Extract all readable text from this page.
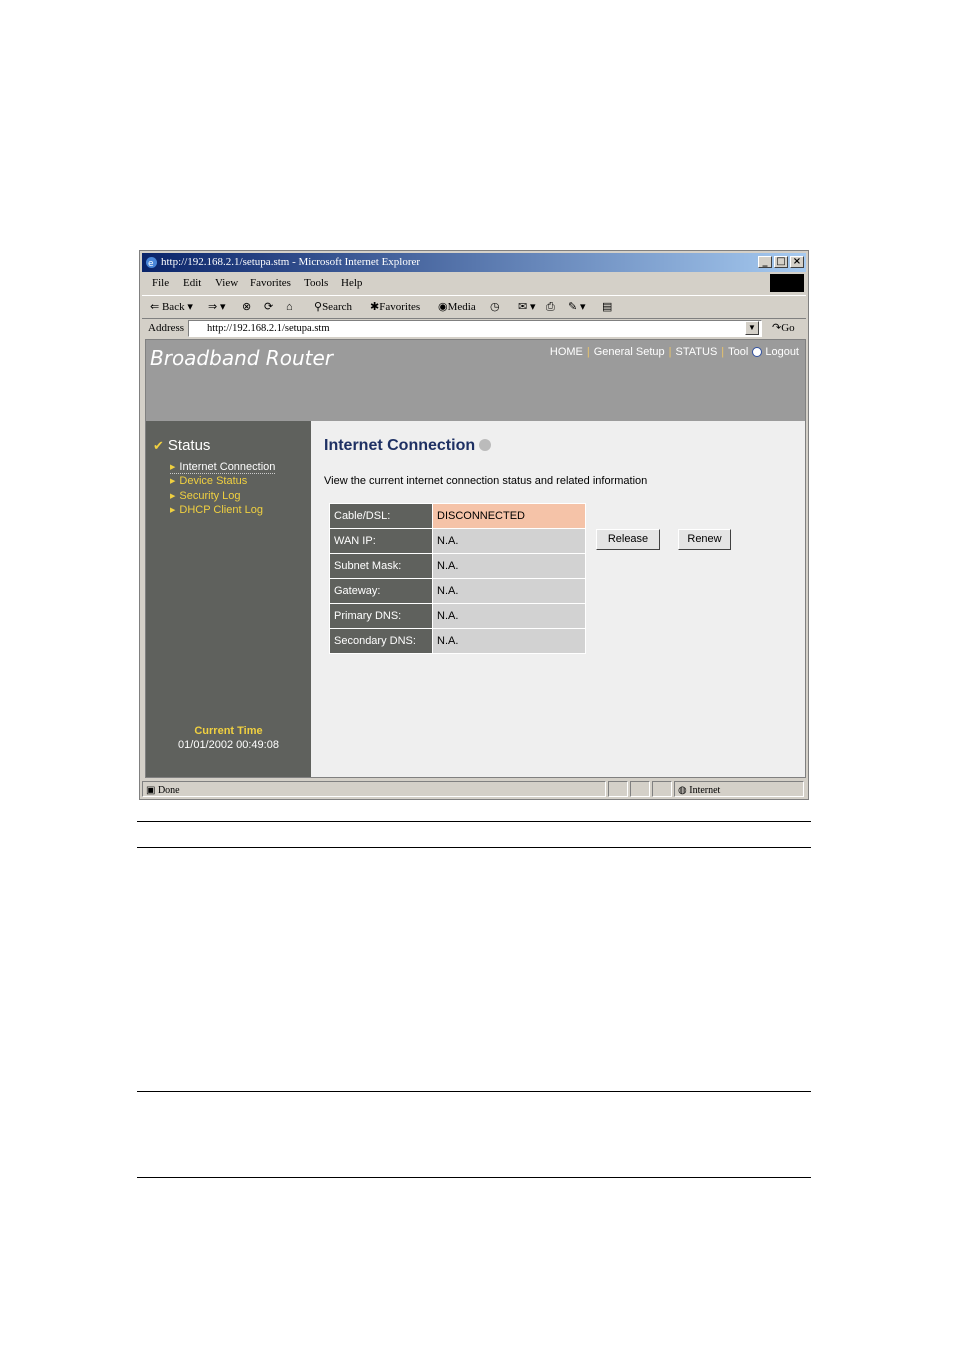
e http://192.168.2.1/setupa.stm - Microsoft Internet Explorer	_ □ ×
File Edit View Favorites Tools Help
⇐ Back ▾ ⇒ ▾ ⊗ ⟳ ⌂ ⚲Search ✱Favorites ◉Media ◷ ✉ ▾ ⎙ ✎ ▾ ▤
Address	http://192.168.2.1/setupa.stm	▼ ↷Go
Broadband Router	HOME | General Setup | STATUS | Tool Logout
✔ Status
▶ Internet Connection
▶ Device Status
▶ Security Log
▶ DHCP Client Log
Current Time
01/01/2002 00:49:08
Internet Connection
View the current internet connection status and related information
Cable/DSL:	DISCONNECTED
WAN IP:	N.A.
Subnet Mask:	N.A.
Gateway:	N.A.
Primary DNS:	N.A.
Secondary DNS:	N.A.
Release	Renew
▣ Done	◍ Internet
